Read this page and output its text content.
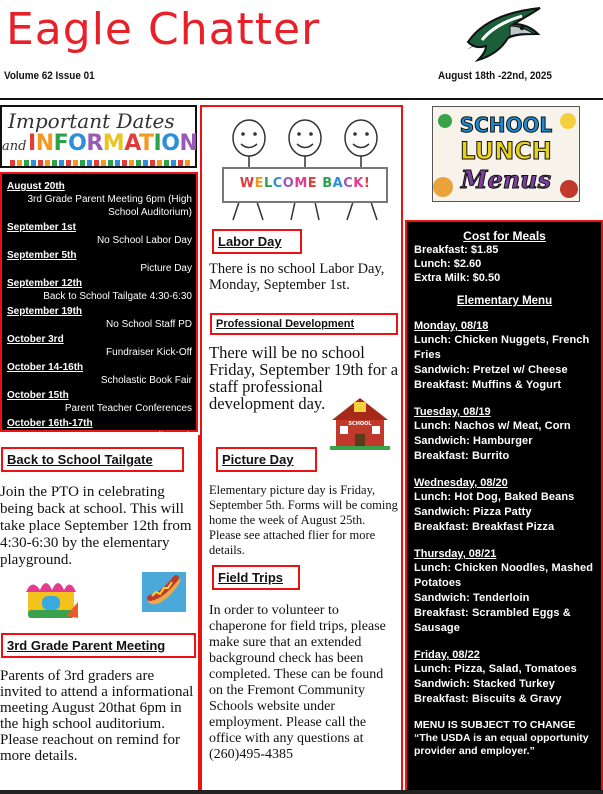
Eagle Chatter
Volume 62 Issue 01	August 18th -22nd, 2025
Important Dates
and INFORMATION
August 20th
3rd Grade Parent Meeting 6pm (High School Auditorium)
September 1st
No School Labor Day
September 5th
Picture Day
September 12th
Back to School Tailgate 4:30-6:30
September 19th
No School Staff PD
October 3rd
Fundraiser Kick-Off
October 14-16th
Scholastic Book Fair
October 15th
Parent Teacher Conferences
October 16th-17th
Fall Break
Back to School Tailgate
Join the PTO in celebrating being back at school. This will take place September 12th from 4:30-6:30 by the elementary playground.
3rd Grade Parent Meeting
Parents of 3rd graders are invited to attend a informational meeting August 20that 6pm in the high school auditorium. Please reachout on remind for more details.
WELCOME BACK!
Labor Day
There is no school Labor Day, Monday, September 1st.
Professional Development
There will be no school Friday, September 19th for a staff professional development day.
SCHOOL
Picture Day
Elementary picture day is Friday, September 5th. Forms will be coming home the week of August 25th. Please see attached flier for more details.
Field Trips
In order to volunteer to chaperone for field trips, please make sure that an extended background check has been completed. These can be found on the Fremont Community Schools website under employment. Please call the office with any questions at (260)495-4385
SCHOOL
LUNCH
Menus
Cost for Meals
Breakfast: $1.85
Lunch: $2.60
Extra Milk: $0.50
Elementary Menu
Monday, 08/18
Lunch: Chicken Nuggets, French Fries
Sandwich: Pretzel w/ Cheese
Breakfast: Muffins & Yogurt
Tuesday, 08/19
Lunch: Nachos w/ Meat, Corn
Sandwich: Hamburger
Breakfast: Burrito
Wednesday, 08/20
Lunch: Hot Dog, Baked Beans
Sandwich: Pizza Patty
Breakfast: Breakfast Pizza
Thursday, 08/21
Lunch: Chicken Noodles, Mashed Potatoes
Sandwich: Tenderloin
Breakfast: Scrambled Eggs & Sausage
Friday, 08/22
Lunch: Pizza, Salad, Tomatoes
Sandwich: Stacked Turkey
Breakfast: Biscuits & Gravy
MENU IS SUBJECT TO CHANGE
“The USDA is an equal opportunity provider and employer.”
